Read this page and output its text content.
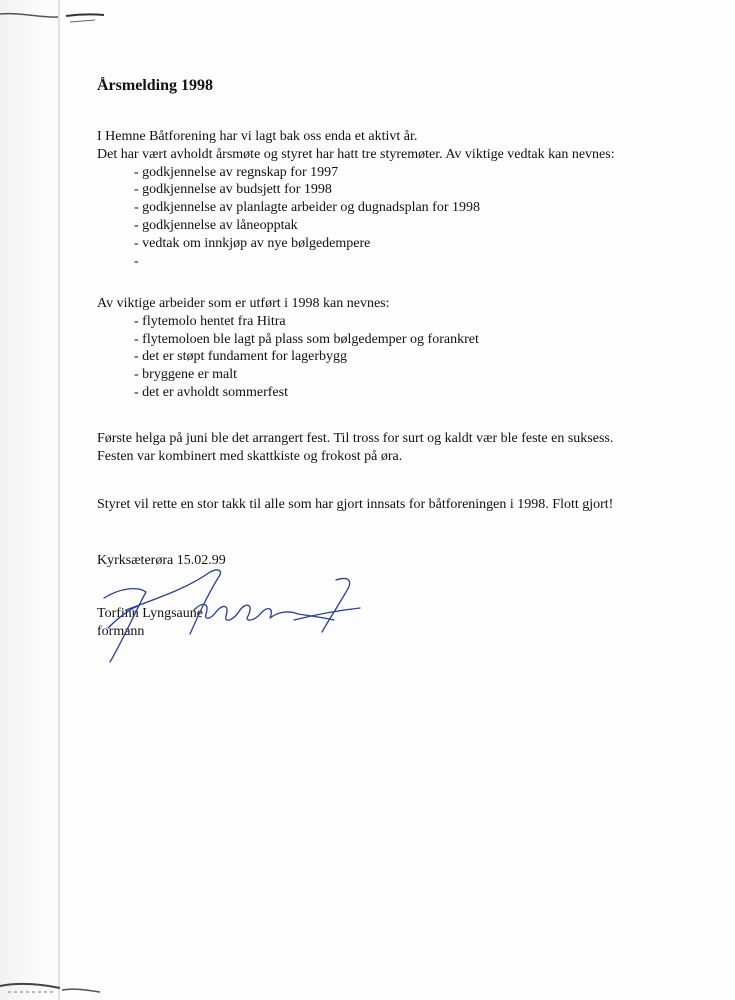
Årsmelding 1998
I Hemne Båtforening har vi lagt bak oss enda et aktivt år.
Det har vært avholdt årsmøte og styret har hatt tre styremøter. Av viktige vedtak kan nevnes:
- godkjennelse av regnskap for 1997
- godkjennelse av budsjett for 1998
- godkjennelse av planlagte arbeider og dugnadsplan for 1998
- godkjennelse av låneopptak
- vedtak om innkjøp av nye bølgedempere
-
Av viktige arbeider som er utført i 1998 kan nevnes:
- flytemolo hentet fra Hitra
- flytemoloen ble lagt på plass som bølgedemper og forankret
- det er støpt fundament for lagerbygg
- bryggene er malt
- det er avholdt sommerfest
Første helga på juni ble det arrangert fest. Til tross for surt og kaldt vær ble feste en suksess.
Festen var kombinert med skattkiste og frokost på øra.
Styret vil rette en stor takk til alle som har gjort innsats for båtforeningen i 1998. Flott gjort!
Kyrksæterøra 15.02.99
Torfinn Lyngsaune
formann
